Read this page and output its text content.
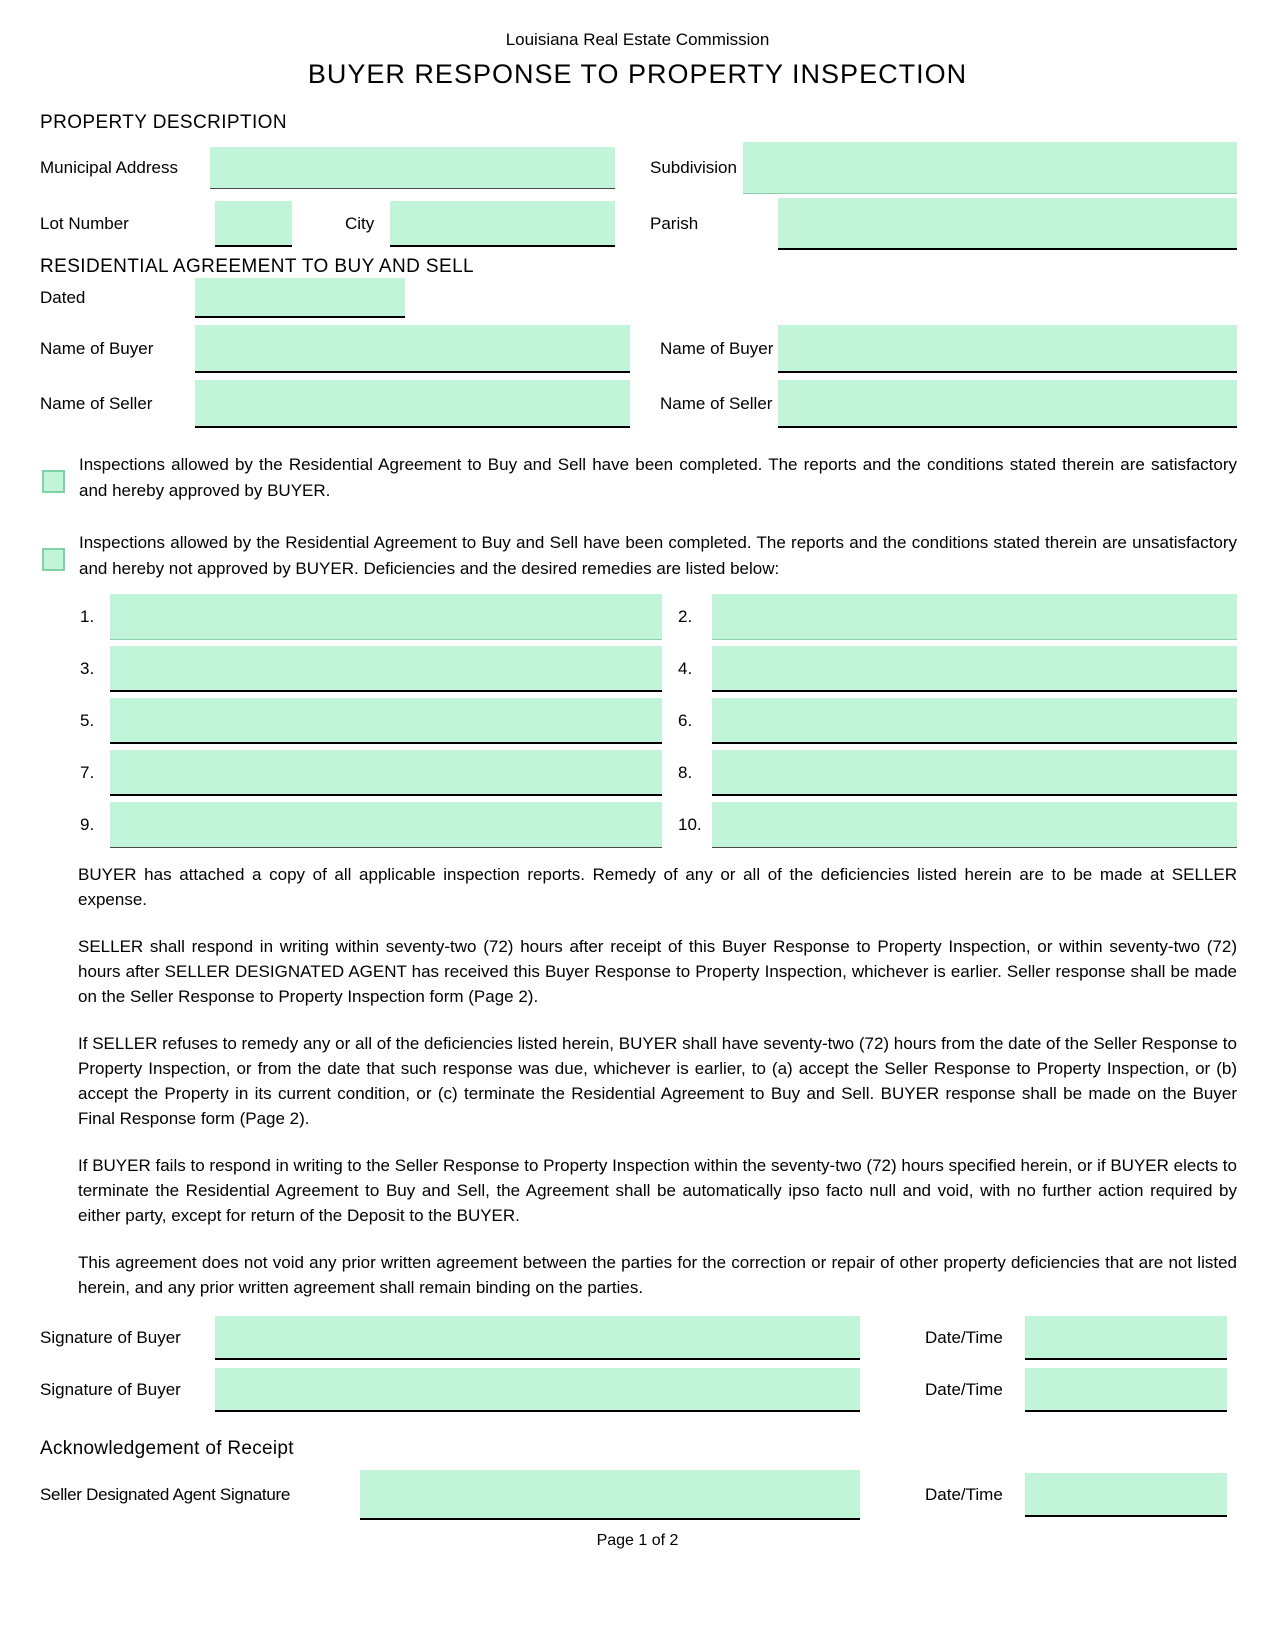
Louisiana Real Estate Commission
BUYER RESPONSE TO PROPERTY INSPECTION
PROPERTY DESCRIPTION
Municipal Address	Subdivision
Lot Number	City	Parish
RESIDENTIAL AGREEMENT TO BUY AND SELL
Dated
Name of Buyer	Name of Buyer
Name of Seller	Name of Seller
Inspections allowed by the Residential Agreement to Buy and Sell have been completed. The reports and the conditions stated therein are satisfactory and hereby approved by BUYER.
Inspections allowed by the Residential Agreement to Buy and Sell have been completed. The reports and the conditions stated therein are unsatisfactory and hereby not approved by BUYER. Deficiencies and the desired remedies are listed below:
1.	2.
3.	4.
5.	6.
7.	8.
9.	10.
BUYER has attached a copy of all applicable inspection reports. Remedy of any or all of the deficiencies listed herein are to be made at SELLER expense.
SELLER shall respond in writing within seventy-two (72) hours after receipt of this Buyer Response to Property Inspection, or within seventy-two (72) hours after SELLER DESIGNATED AGENT has received this Buyer Response to Property Inspection, whichever is earlier. Seller response shall be made on the Seller Response to Property Inspection form (Page 2).
If SELLER refuses to remedy any or all of the deficiencies listed herein, BUYER shall have seventy-two (72) hours from the date of the Seller Response to Property Inspection, or from the date that such response was due, whichever is earlier, to (a) accept the Seller Response to Property Inspection, or (b) accept the Property in its current condition, or (c) terminate the Residential Agreement to Buy and Sell. BUYER response shall be made on the Buyer Final Response form (Page 2).
If BUYER fails to respond in writing to the Seller Response to Property Inspection within the seventy-two (72) hours specified herein, or if BUYER elects to terminate the Residential Agreement to Buy and Sell, the Agreement shall be automatically ipso facto null and void, with no further action required by either party, except for return of the Deposit to the BUYER.
This agreement does not void any prior written agreement between the parties for the correction or repair of other property deficiencies that are not listed herein, and any prior written agreement shall remain binding on the parties.
Signature of Buyer	Date/Time
Signature of Buyer	Date/Time
Acknowledgement of Receipt
Seller Designated Agent Signature	Date/Time
Page 1 of 2
